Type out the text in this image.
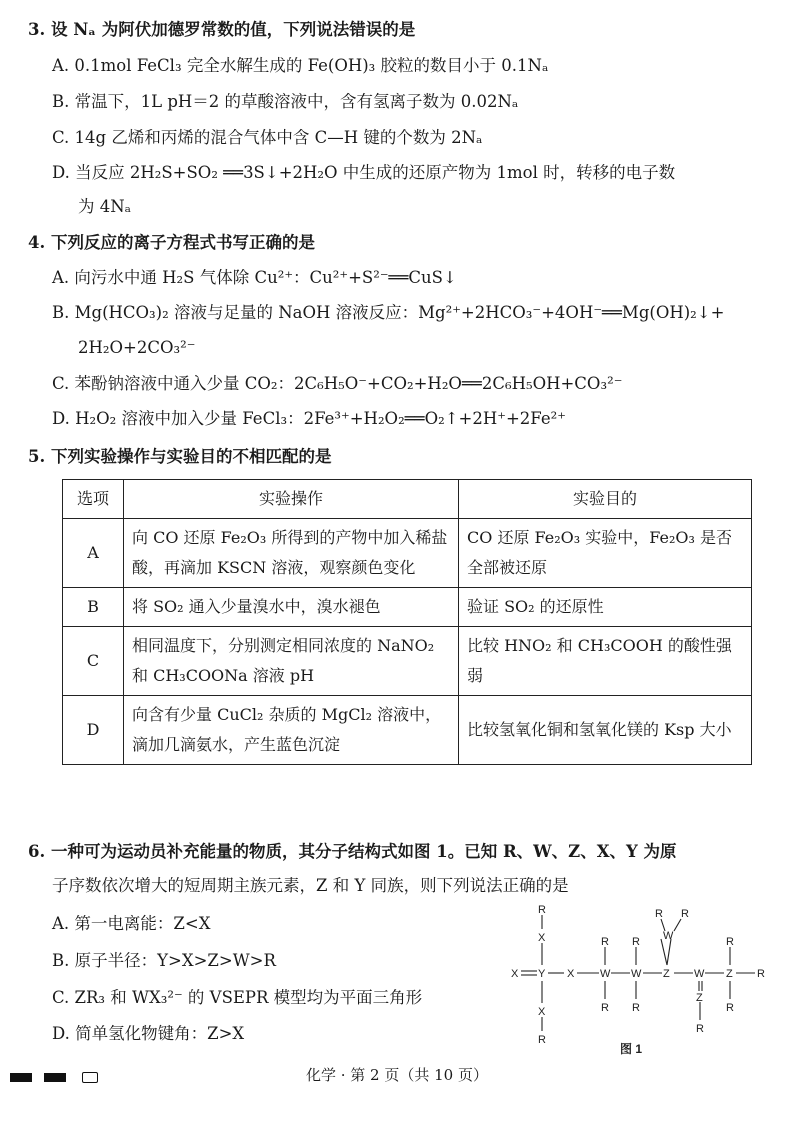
3. 设 Nₐ 为阿伏加德罗常数的值，下列说法错误的是
A. 0.1mol FeCl₃ 完全水解生成的 Fe(OH)₃ 胶粒的数目小于 0.1Nₐ
B. 常温下，1L pH＝2 的草酸溶液中，含有氢离子数为 0.02Nₐ
C. 14g 乙烯和丙烯的混合气体中含 C—H 键的个数为 2Nₐ
D. 当反应 2H₂S+SO₂ ══3S↓+2H₂O 中生成的还原产物为 1mol 时，转移的电子数
为 4Nₐ
4. 下列反应的离子方程式书写正确的是
A. 向污水中通 H₂S 气体除 Cu²⁺：Cu²⁺+S²⁻══CuS↓
B. Mg(HCO₃)₂ 溶液与足量的 NaOH 溶液反应：Mg²⁺+2HCO₃⁻+4OH⁻══Mg(OH)₂↓+
2H₂O+2CO₃²⁻
C. 苯酚钠溶液中通入少量 CO₂：2C₆H₅O⁻+CO₂+H₂O══2C₆H₅OH+CO₃²⁻
D. H₂O₂ 溶液中加入少量 FeCl₃：2Fe³⁺+H₂O₂══O₂↑+2H⁺+2Fe²⁺
5. 下列实验操作与实验目的不相匹配的是
选项	实验操作	实验目的
A	向 CO 还原 Fe₂O₃ 所得到的产物中加入稀盐酸，再滴加 KSCN 溶液，观察颜色变化	CO 还原 Fe₂O₃ 实验中，Fe₂O₃ 是否全部被还原
B	将 SO₂ 通入少量溴水中，溴水褪色	验证 SO₂ 的还原性
C	相同温度下，分别测定相同浓度的 NaNO₂ 和 CH₃COONa 溶液 pH	比较 HNO₂ 和 CH₃COOH 的酸性强弱
D	向含有少量 CuCl₂ 杂质的 MgCl₂ 溶液中，滴加几滴氨水，产生蓝色沉淀	比较氢氧化铜和氢氧化镁的 Ksp 大小
6. 一种可为运动员补充能量的物质，其分子结构式如图 1。已知 R、W、Z、X、Y 为原
子序数依次增大的短周期主族元素，Z 和 Y 同族，则下列说法正确的是
A. 第一电离能：Z<X
B. 原子半径：Y>X>Z>W>R
C. ZR₃ 和 WX₃²⁻ 的 VSEPR 模型均为平面三角形
D. 简单氢化物键角：Z>X
X
R
X
Y
X
R
X
R
W
R
R
W
R
R R
W
Z W
Z
R
R
Z
R
R
图 1
化学 · 第 2 页（共 10 页）
